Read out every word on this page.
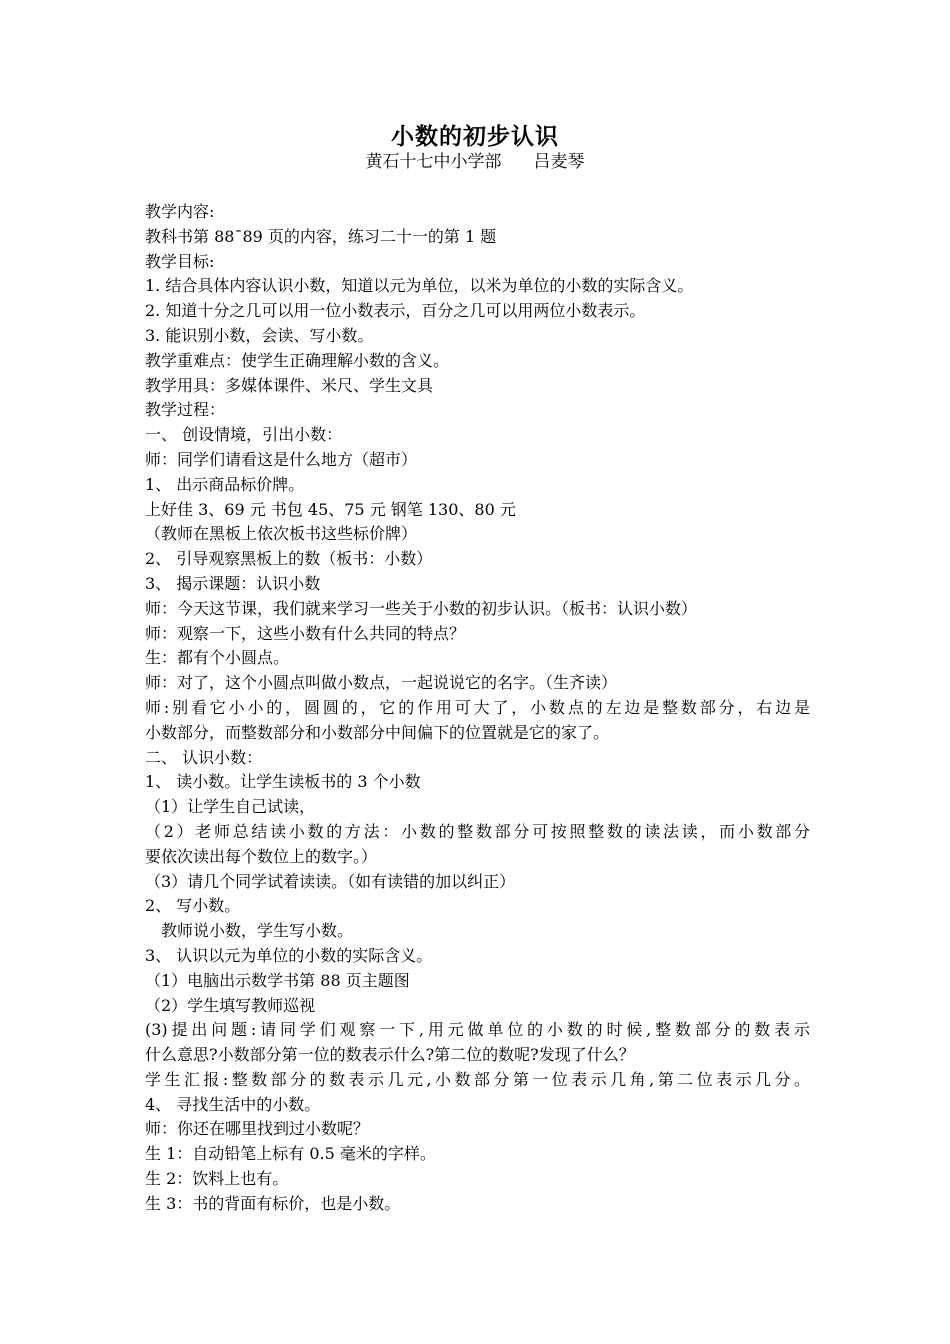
小数的初步认识
黄石十七中小学部 吕麦琴
教学内容:
教科书第 88¯89 页的内容，练习二十一的第 1 题
教学目标:
1. 结合具体内容认识小数，知道以元为单位，以米为单位的小数的实际含义。
2. 知道十分之几可以用一位小数表示，百分之几可以用两位小数表示。
3. 能识别小数，会读、写小数。
教学重难点：使学生正确理解小数的含义。
教学用具：多媒体课件、米尺、学生文具
教学过程：
一、 创设情境，引出小数：
师：同学们请看这是什么地方（超市）
1、 出示商品标价牌。
上好佳 3、69 元 书包 45、75 元 钢笔 130、80 元
（教师在黑板上依次板书这些标价牌）
2、 引导观察黑板上的数（板书：小数）
3、 揭示课题：认识小数
师：今天这节课，我们就来学习一些关于小数的初步认识。（板书：认识小数）
师：观察一下，这些小数有什么共同的特点？
生：都有个小圆点。
师：对了，这个小圆点叫做小数点，一起说说它的名字。（生齐读）
师:别看它小小的，圆圆的，它的作用可大了，小数点的左边是整数部分，右边是
小数部分，而整数部分和小数部分中间偏下的位置就是它的家了。
二、 认识小数：
1、 读小数。让学生读板书的 3 个小数
（1）让学生自己试读，
（2）老师总结读小数的方法：小数的整数部分可按照整数的读法读，而小数部分
要依次读出每个数位上的数字。）
（3）请几个同学试着读读。（如有读错的加以纠正）
2、 写小数。
教师说小数，学生写小数。
3、 认识以元为单位的小数的实际含义。
（1）电脑出示数学书第 88 页主题图
（2）学生填写教师巡视
(3)提出问题:请同学们观察一下,用元做单位的小数的时候,整数部分的数表示
什么意思?小数部分第一位的数表示什么?第二位的数呢?发现了什么？
学生汇报:整数部分的数表示几元,小数部分第一位表示几角,第二位表示几分。
4、 寻找生活中的小数。
师：你还在哪里找到过小数呢？
生 1：自动铅笔上标有 0.5 毫米的字样。
生 2：饮料上也有。
生 3：书的背面有标价，也是小数。
